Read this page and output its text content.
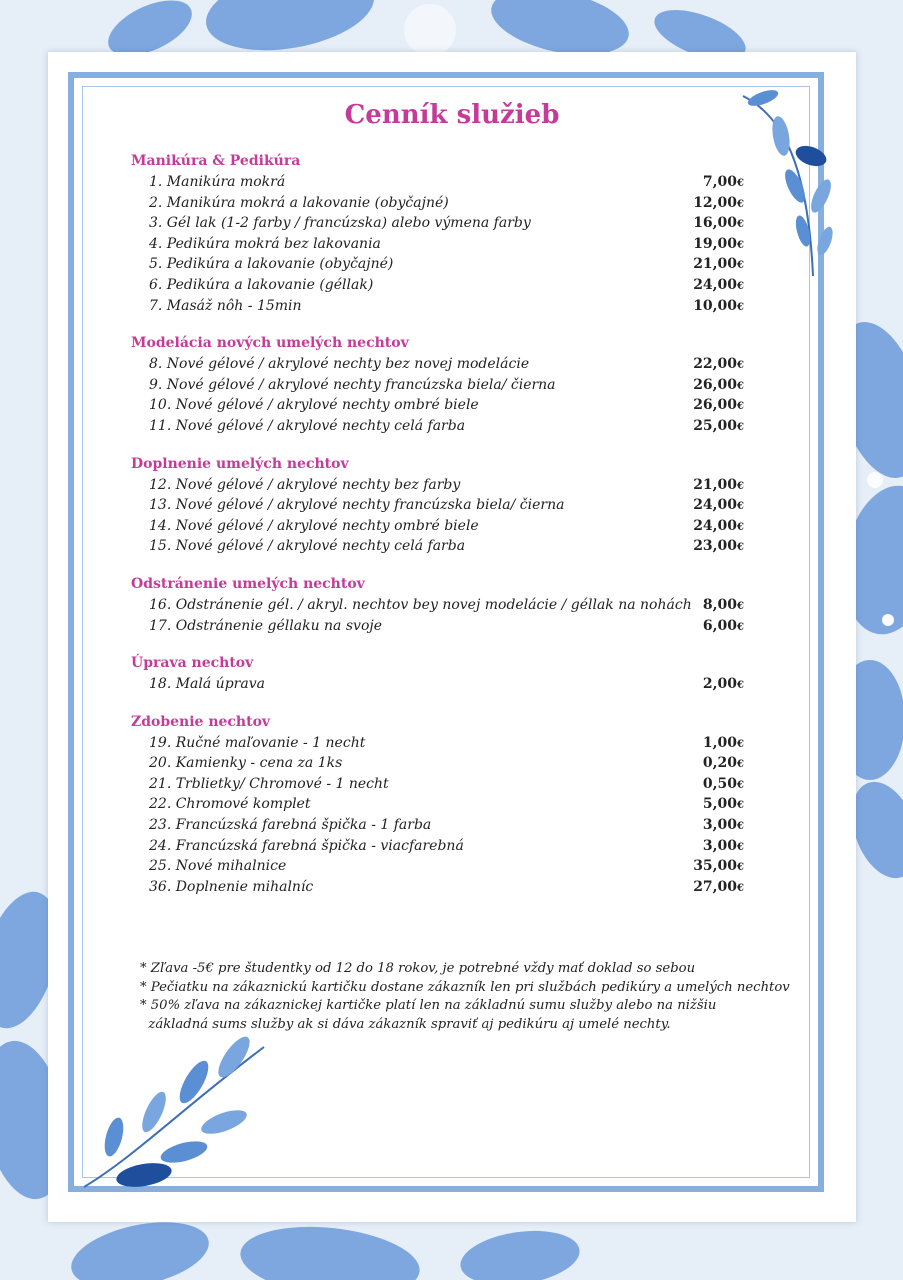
Cenník služieb
Manikúra & Pedikúra
1. Manikúra mokrá	7,00€
2. Manikúra mokrá a lakovanie (obyčajné)	12,00€
3. Gél lak (1-2 farby / francúzska) alebo výmena farby	16,00€
4. Pedikúra mokrá bez lakovania	19,00€
5. Pedikúra a lakovanie (obyčajné)	21,00€
6. Pedikúra a lakovanie (géllak)	24,00€
7. Masáž nôh - 15min	10,00€
Modelácia nových umelých nechtov
8. Nové gélové / akrylové nechty bez novej modelácie	22,00€
9. Nové gélové / akrylové nechty francúzska biela/ čierna	26,00€
10. Nové gélové / akrylové nechty ombré biele	26,00€
11. Nové gélové / akrylové nechty celá farba	25,00€
Doplnenie umelých nechtov
12. Nové gélové / akrylové nechty bez farby	21,00€
13. Nové gélové / akrylové nechty francúzska biela/ čierna	24,00€
14. Nové gélové / akrylové nechty ombré biele	24,00€
15. Nové gélové / akrylové nechty celá farba	23,00€
Odstránenie umelých nechtov
16. Odstránenie gél. / akryl. nechtov bey novej modelácie / géllak na nohách 8,00€
17. Odstránenie géllaku na svoje	6,00€
Úprava nechtov
18. Malá úprava	2,00€
Zdobenie nechtov
19. Ručné maľovanie - 1 necht	1,00€
20. Kamienky - cena za 1ks	0,20€
21. Trblietky/ Chromové - 1 necht	0,50€
22. Chromové komplet	5,00€
23. Francúzská farebná špička - 1 farba	3,00€
24. Francúzská farebná špička - viacfarebná	3,00€
25. Nové mihalnice	35,00€
36. Doplnenie mihalníc	27,00€
* Zľava -5€ pre študentky od 12 do 18 rokov, je potrebné vždy mať doklad so sebou
* Pečiatku na zákaznickú kartičku dostane zákazník len pri službách pedikúry a umelých nechtov
* 50% zľava na zákaznickej kartičke platí len na základnú sumu služby alebo na nižšiu
základná sums služby ak si dáva zákazník spraviť aj pedikúru aj umelé nechty.
